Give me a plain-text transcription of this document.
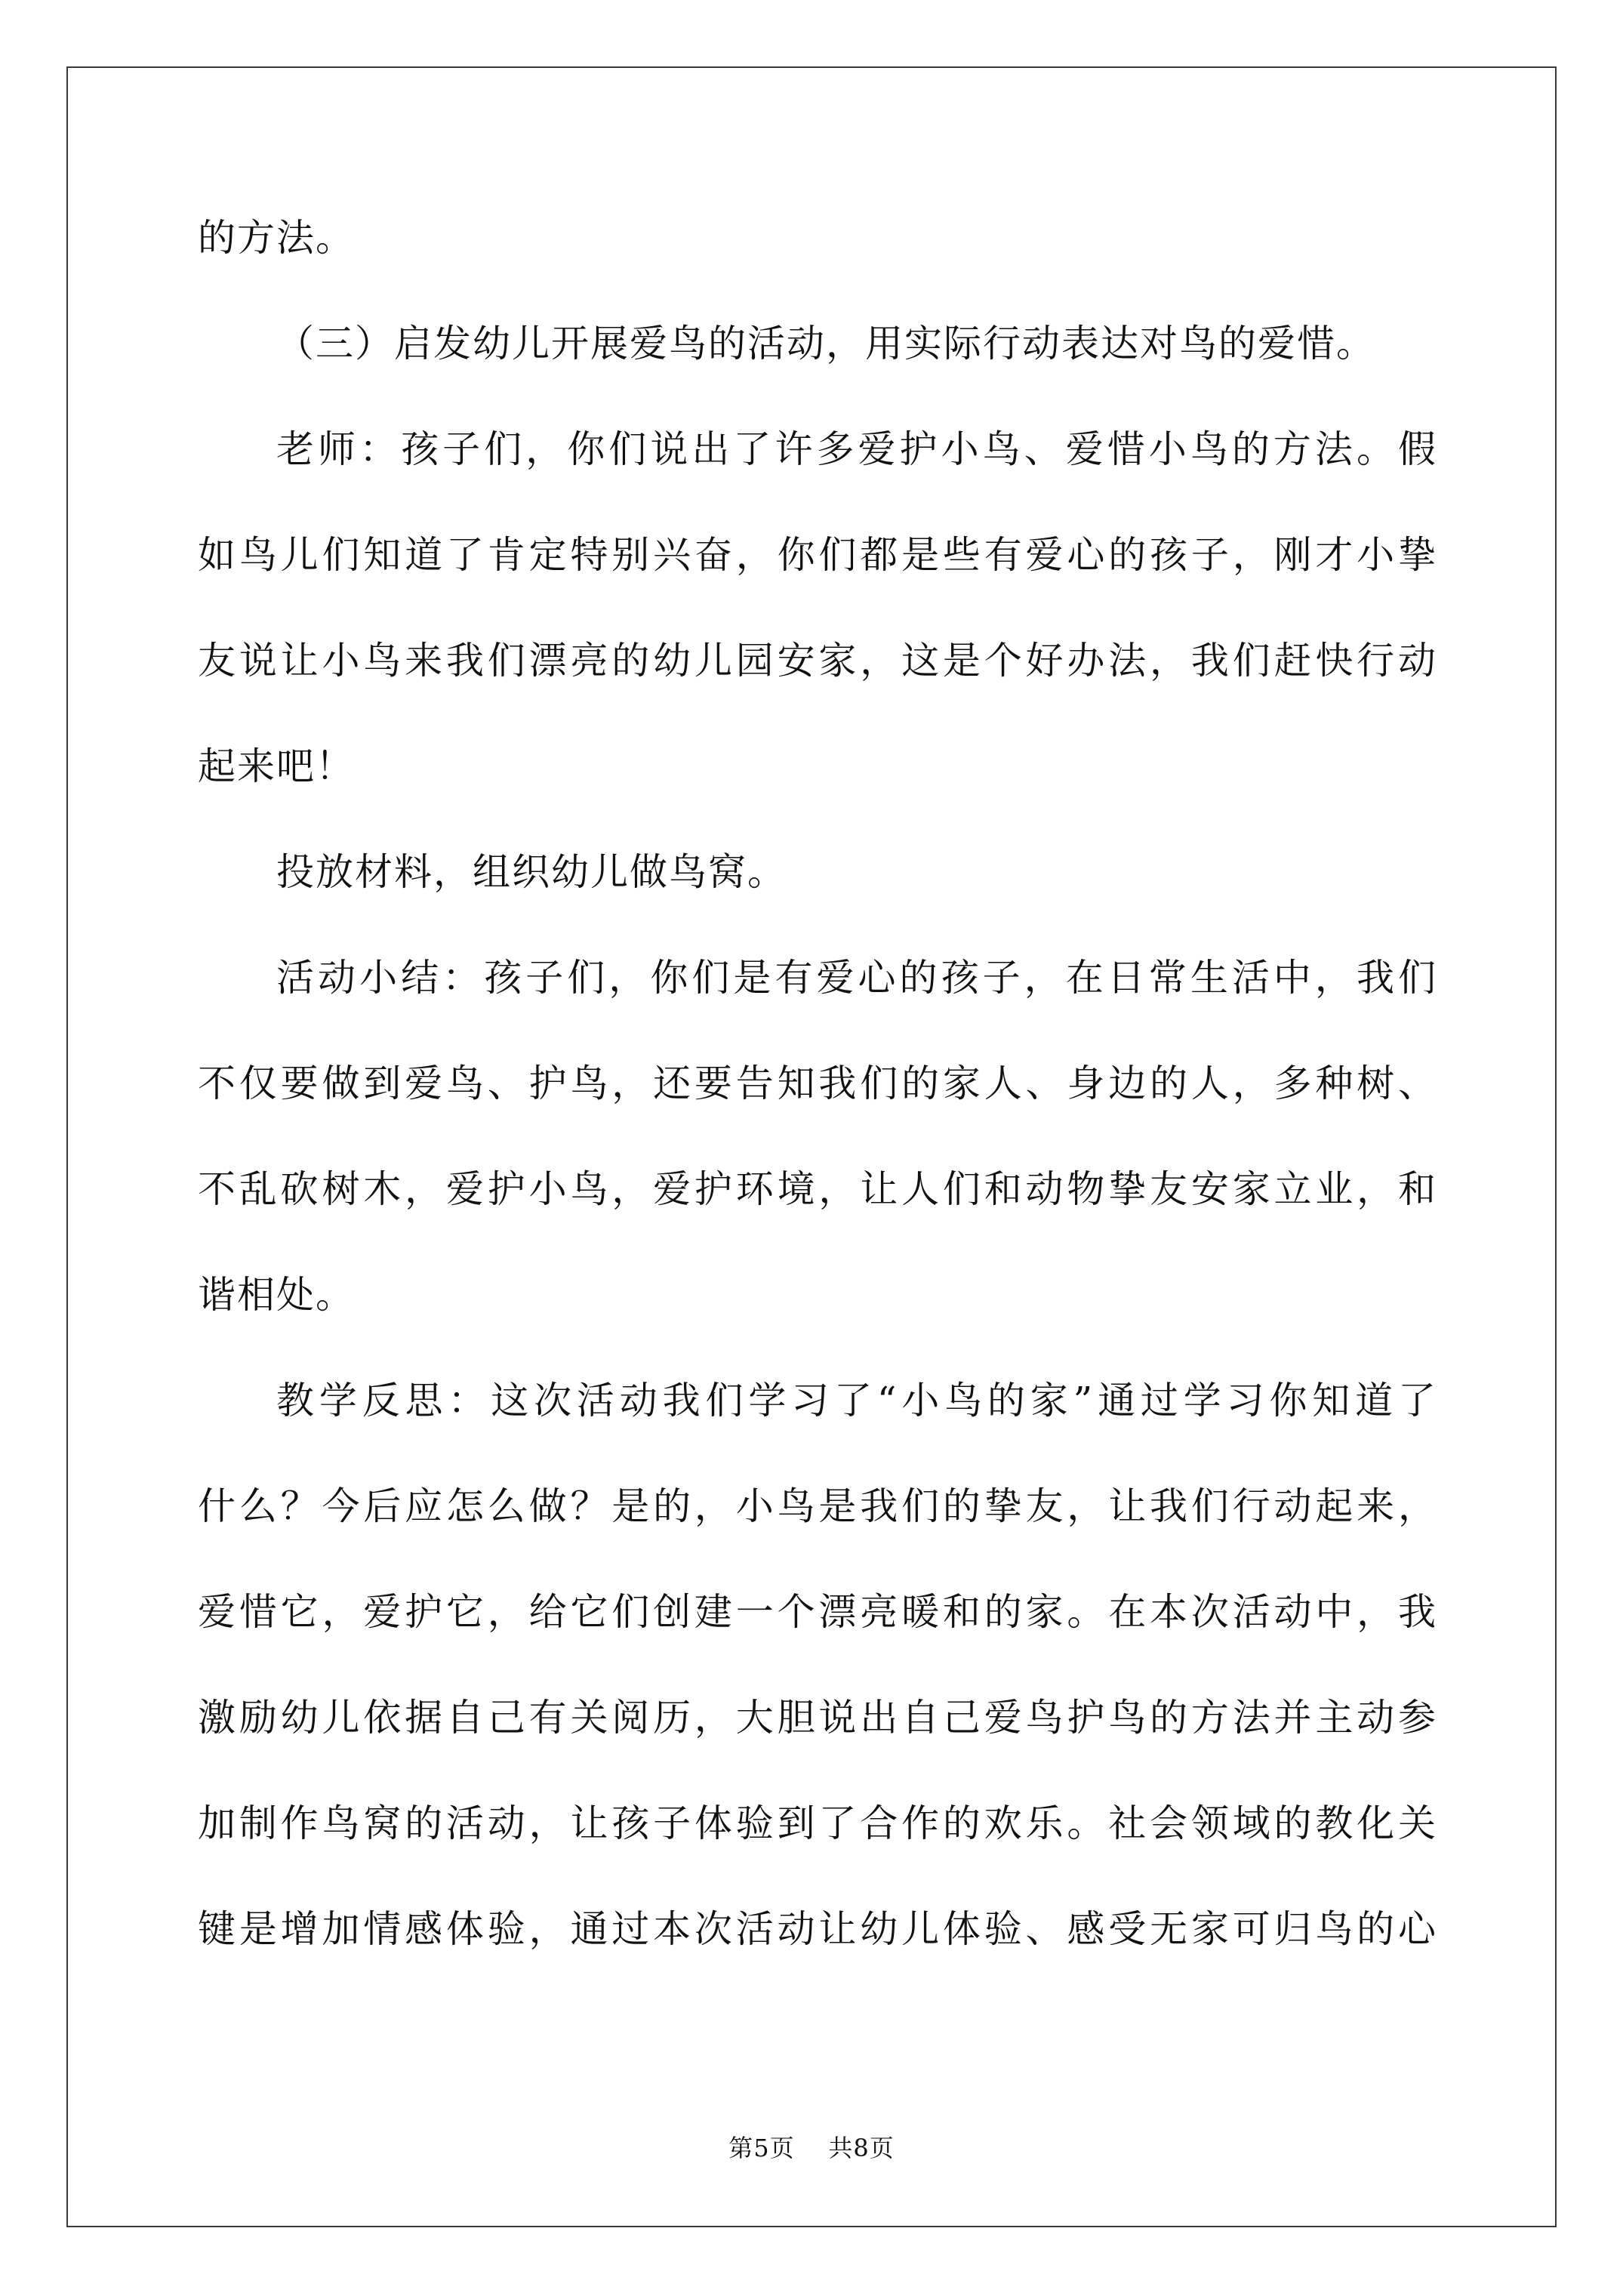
的方法。
（三）启发幼儿开展爱鸟的活动，用实际行动表达对鸟的爱惜。
老师：孩子们，你们说出了许多爱护小鸟、爱惜小鸟的方法。假
如鸟儿们知道了肯定特别兴奋，你们都是些有爱心的孩子，刚才小挚
友说让小鸟来我们漂亮的幼儿园安家，这是个好办法，我们赶快行动
起来吧！
投放材料，组织幼儿做鸟窝。
活动小结：孩子们，你们是有爱心的孩子，在日常生活中，我们
不仅要做到爱鸟、护鸟，还要告知我们的家人、身边的人，多种树、
不乱砍树木，爱护小鸟，爱护环境，让人们和动物挚友安家立业，和
谐相处。
教学反思：这次活动我们学习了“小鸟的家”通过学习你知道了
什么？今后应怎么做？是的，小鸟是我们的挚友，让我们行动起来，
爱惜它，爱护它，给它们创建一个漂亮暖和的家。在本次活动中，我
激励幼儿依据自己有关阅历，大胆说出自己爱鸟护鸟的方法并主动参
加制作鸟窝的活动，让孩子体验到了合作的欢乐。社会领域的教化关
键是增加情感体验，通过本次活动让幼儿体验、感受无家可归鸟的心
第5页 共8页
